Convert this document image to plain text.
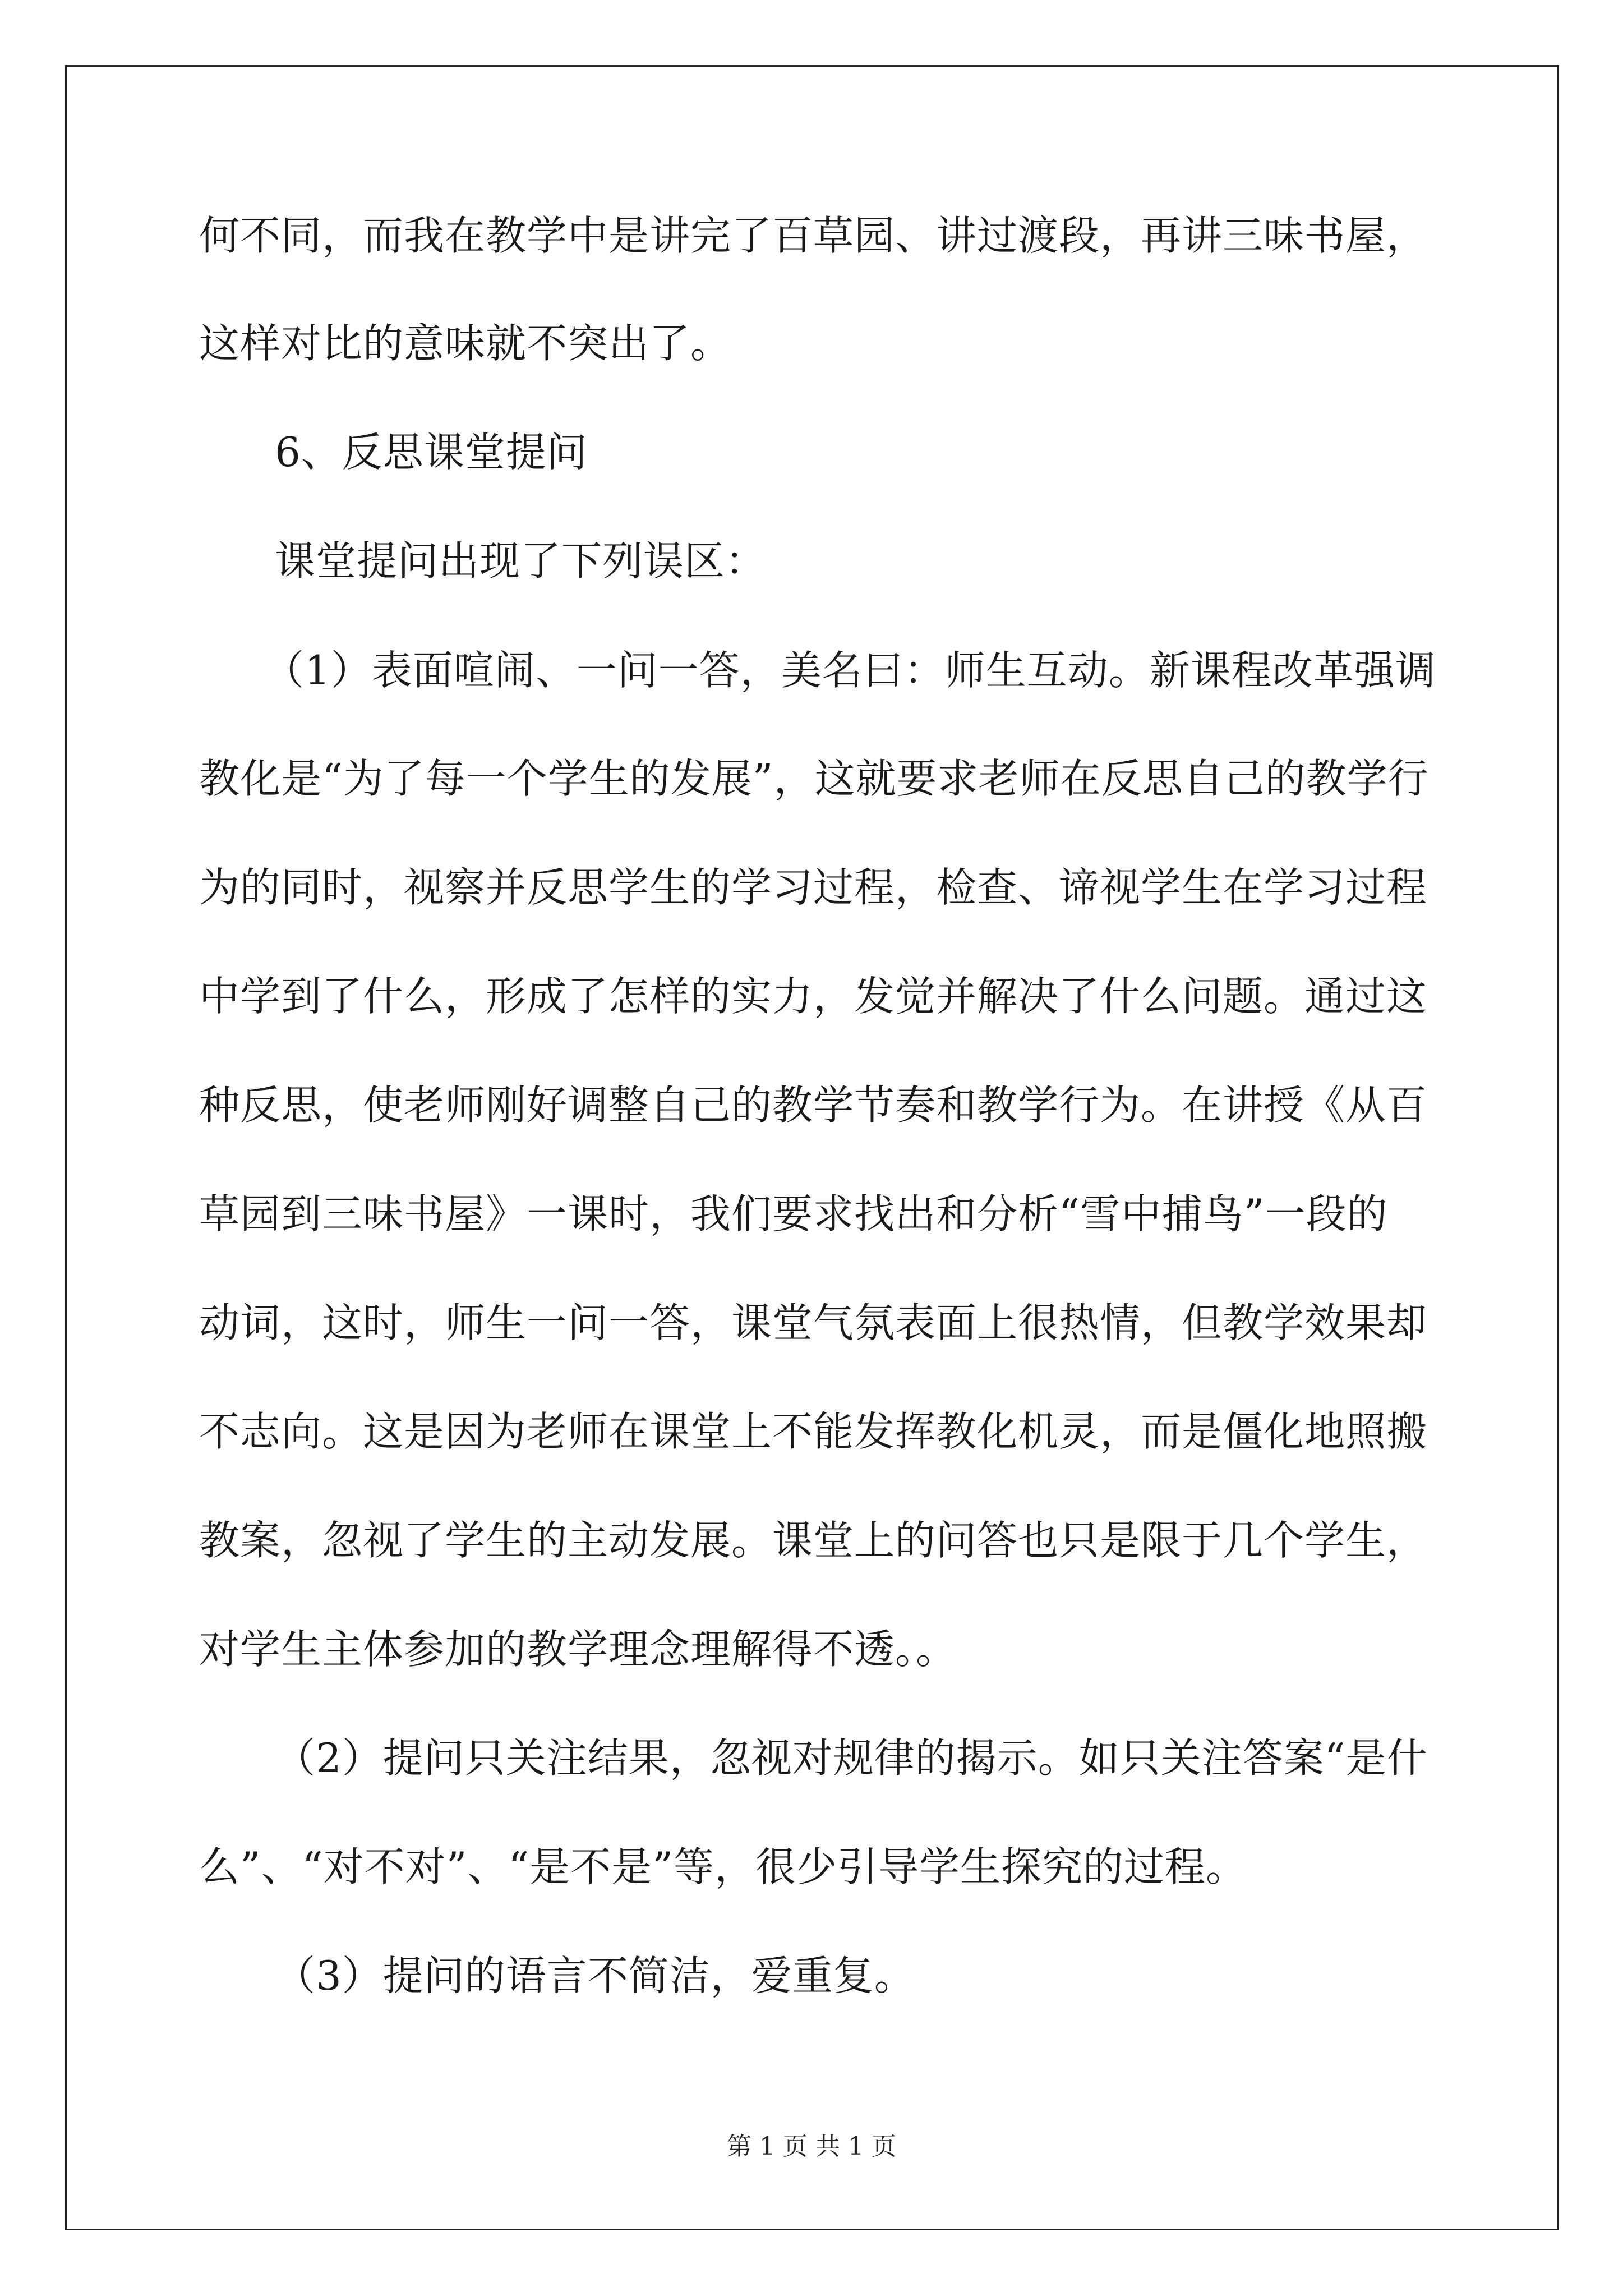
何不同，而我在教学中是讲完了百草园、讲过渡段，再讲三味书屋，
这样对比的意味就不突出了。
6、反思课堂提问
课堂提问出现了下列误区：
（1）表面喧闹、一问一答，美名曰：师生互动。新课程改革强调
教化是“为了每一个学生的发展”，这就要求老师在反思自己的教学行
为的同时，视察并反思学生的学习过程，检查、谛视学生在学习过程
中学到了什么，形成了怎样的实力，发觉并解决了什么问题。通过这
种反思，使老师刚好调整自己的教学节奏和教学行为。在讲授《从百
草园到三味书屋》一课时，我们要求找出和分析“雪中捕鸟”一段的
动词，这时，师生一问一答，课堂气氛表面上很热情，但教学效果却
不志向。这是因为老师在课堂上不能发挥教化机灵，而是僵化地照搬
教案，忽视了学生的主动发展。课堂上的问答也只是限于几个学生，
对学生主体参加的教学理念理解得不透。。
（2）提问只关注结果，忽视对规律的揭示。如只关注答案“是什
么”、“对不对”、“是不是”等，很少引导学生探究的过程。
（3）提问的语言不简洁，爱重复。
第 1 页 共 1 页
